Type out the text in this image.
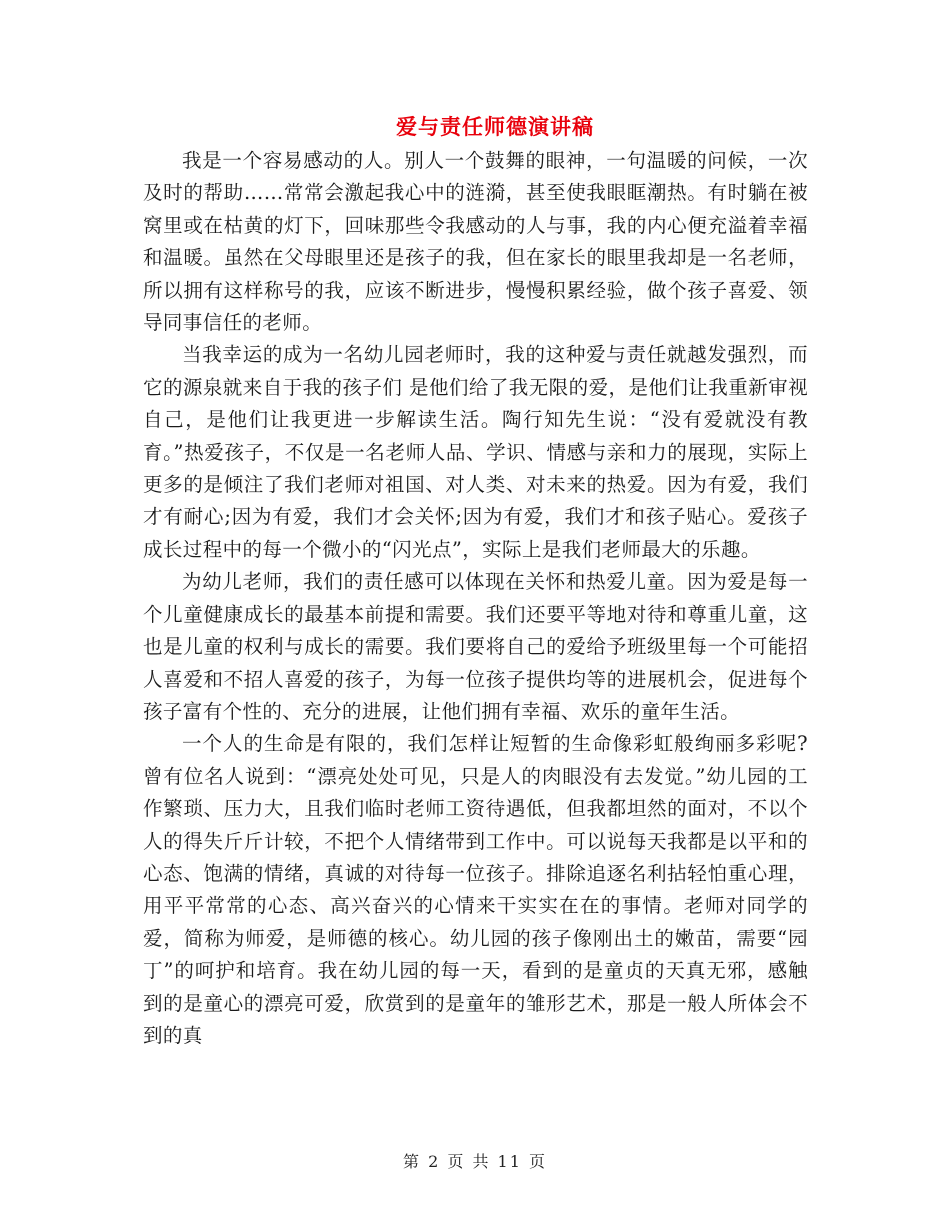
爱与责任师德演讲稿

我是一个容易感动的人。别人一个鼓舞的眼神，一句温暖的问候，一次及时的帮助……常常会激起我心中的涟漪，甚至使我眼眶潮热。有时躺在被窝里或在枯黄的灯下，回味那些令我感动的人与事，我的内心便充溢着幸福和温暖。虽然在父母眼里还是孩子的我，但在家长的眼里我却是一名老师，所以拥有这样称号的我，应该不断进步，慢慢积累经验，做个孩子喜爱、领导同事信任的老师。

当我幸运的成为一名幼儿园老师时，我的这种爱与责任就越发强烈，而它的源泉就来自于我的孩子们 是他们给了我无限的爱，是他们让我重新审视自己，是他们让我更进一步解读生活。陶行知先生说：“没有爱就没有教育。”热爱孩子，不仅是一名老师人品、学识、情感与亲和力的展现，实际上更多的是倾注了我们老师对祖国、对人类、对未来的热爱。因为有爱，我们才有耐心;因为有爱，我们才会关怀;因为有爱，我们才和孩子贴心。爱孩子成长过程中的每一个微小的“闪光点”，实际上是我们老师最大的乐趣。

为幼儿老师，我们的责任感可以体现在关怀和热爱儿童。因为爱是每一个儿童健康成长的最基本前提和需要。我们还要平等地对待和尊重儿童，这也是儿童的权利与成长的需要。我们要将自己的爱给予班级里每一个可能招人喜爱和不招人喜爱的孩子，为每一位孩子提供均等的进展机会，促进每个孩子富有个性的、充分的进展，让他们拥有幸福、欢乐的童年生活。

一个人的生命是有限的，我们怎样让短暂的生命像彩虹般绚丽多彩呢?曾有位名人说到：“漂亮处处可见，只是人的肉眼没有去发觉。”幼儿园的工作繁琐、压力大，且我们临时老师工资待遇低，但我都坦然的面对，不以个人的得失斤斤计较，不把个人情绪带到工作中。可以说每天我都是以平和的心态、饱满的情绪，真诚的对待每一位孩子。排除追逐名利拈轻怕重心理，用平平常常的心态、高兴奋兴的心情来干实实在在的事情。老师对同学的爱，简称为师爱，是师德的核心。幼儿园的孩子像刚出土的嫩苗，需要“园丁”的呵护和培育。我在幼儿园的每一天，看到的是童贞的天真无邪，感触到的是童心的漂亮可爱，欣赏到的是童年的雏形艺术，那是一般人所体会不到的真

第 2 页 共 11 页
